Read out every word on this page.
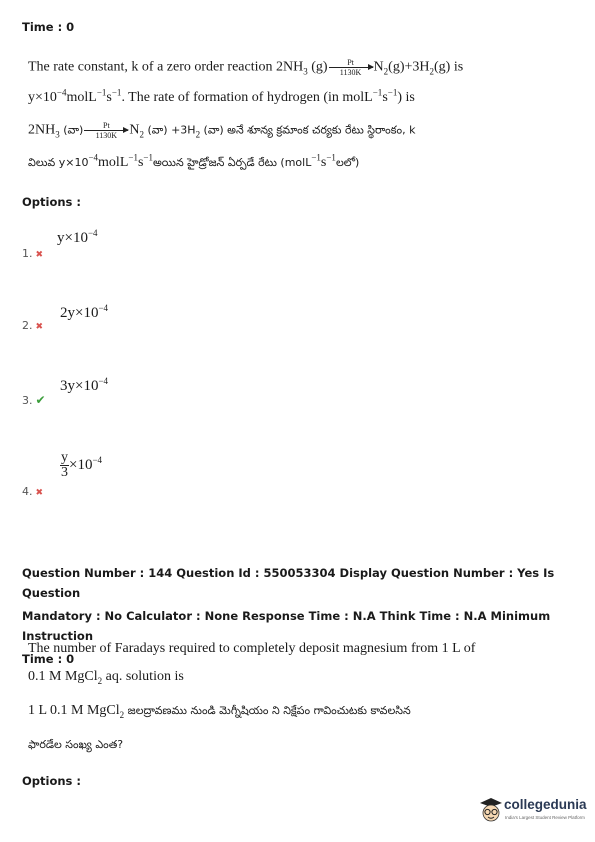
Time : 0
The rate constant, k of a zero order reaction $2NH_3$ $(g) \frac{Pt}{1130K} N_2(g)+3H_2(g)$ is
$y\times 10^{-4}molL^{-1}s^{-1}$. The rate of formation of hydrogen (in $molL^{-1}s^{-1}$) is
$2NH_3$ (వా) $\frac{Pt}{1130K} N_2$ (వా) $+3H_2$ (వా) అనే శూన్య క్రమాంక చర్యకు రేటు స్థిరాంకం, k
విలువ $y\times 10^{-4}molL^{-1}s^{-1}అయిన$ హైడ్రోజన్ ఏర్పడే రేటు $(molL^{-1}s^{-1}లలో)$
Options :
$y\times 10^{-4}$
1. ✖
$2y\times 10^{-4}$
2. ✖
$3y\times 10^{-4}$
3. ✔
$\frac{y}{3} \times 10^{-4}$
4. ✖
Question Number : 144 Question Id : 550053304 Display Question Number : Yes Is Question
Mandatory : No Calculator : None Response Time : N.A Think Time : N.A Minimum Instruction
Time : 0
The number of Faradays required to completely deposit magnesium from 1 L of
0.1 M MgCl$_2$ aq. solution is
1 L 0.1 M MgCl$_2$ జలద్రావణము నుండి మెగ్నీషియం ని నిక్షేపం గావించుటకు కావలసిన
ఫారడేల సంఖ్య ఎంత?
Options :
collegedunia
India's Largest Student Review Platform
